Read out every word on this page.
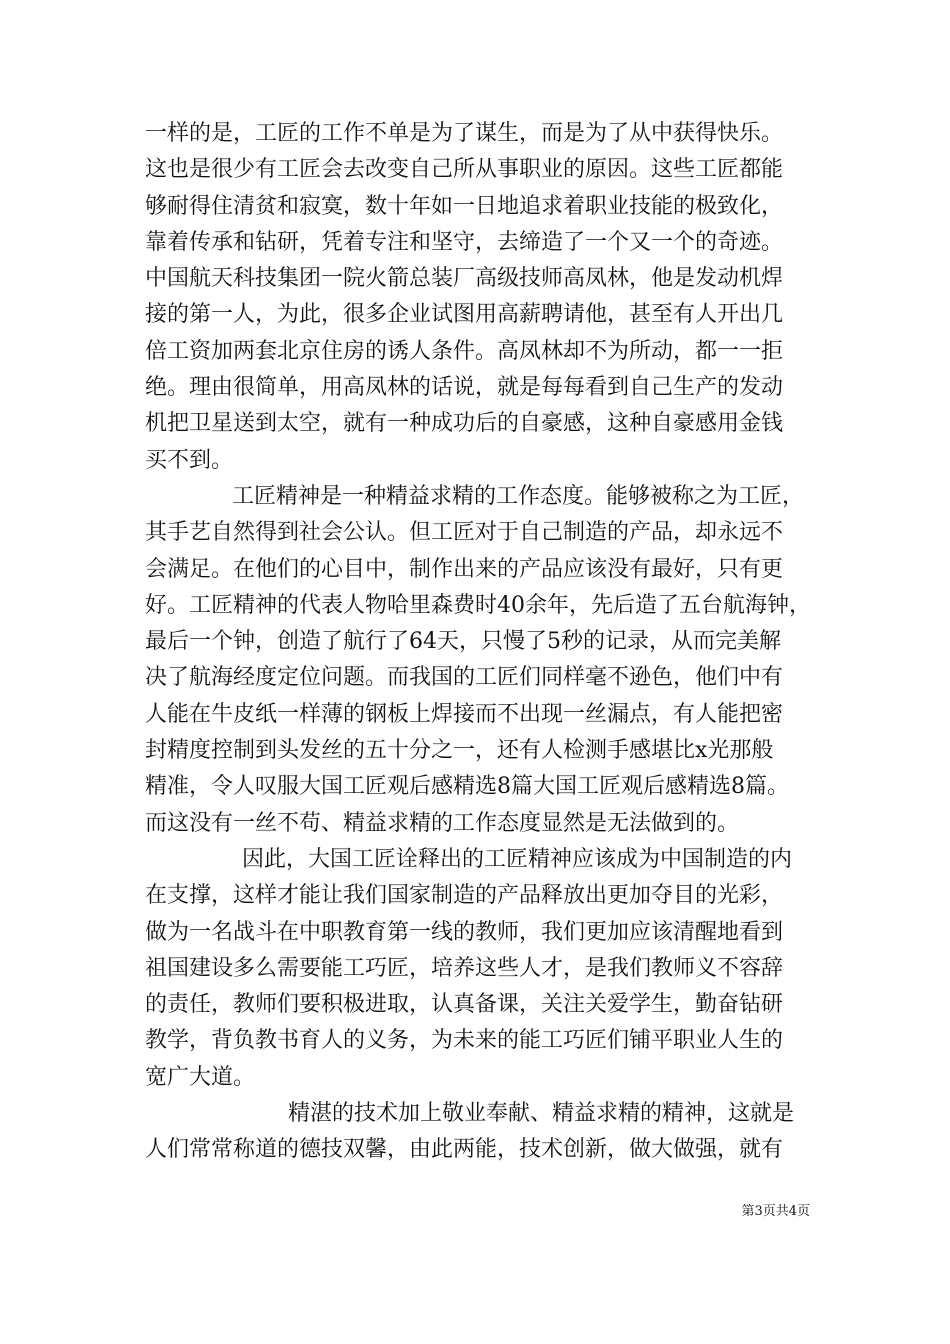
一样的是，工匠的工作不单是为了谋生，而是为了从中获得快乐。
这也是很少有工匠会去改变自己所从事职业的原因。这些工匠都能
够耐得住清贫和寂寞，数十年如一日地追求着职业技能的极致化，
靠着传承和钻研，凭着专注和坚守，去缔造了一个又一个的奇迹。
中国航天科技集团一院火箭总装厂高级技师高凤林，他是发动机焊
接的第一人，为此，很多企业试图用高薪聘请他，甚至有人开出几
倍工资加两套北京住房的诱人条件。高凤林却不为所动，都一一拒
绝。理由很简单，用高凤林的话说，就是每每看到自己生产的发动
机把卫星送到太空，就有一种成功后的自豪感，这种自豪感用金钱
买不到。
工匠精神是一种精益求精的工作态度。能够被称之为工匠，
其手艺自然得到社会公认。但工匠对于自己制造的产品，却永远不
会满足。在他们的心目中，制作出来的产品应该没有最好，只有更
好。工匠精神的代表人物哈里森费时40余年，先后造了五台航海钟，
最后一个钟，创造了航行了64天，只慢了5秒的记录，从而完美解
决了航海经度定位问题。而我国的工匠们同样毫不逊色，他们中有
人能在牛皮纸一样薄的钢板上焊接而不出现一丝漏点，有人能把密
封精度控制到头发丝的五十分之一，还有人检测手感堪比x光那般
精准，令人叹服大国工匠观后感精选8篇大国工匠观后感精选8篇。
而这没有一丝不苟、精益求精的工作态度显然是无法做到的。
因此，大国工匠诠释出的工匠精神应该成为中国制造的内
在支撑，这样才能让我们国家制造的产品释放出更加夺目的光彩，
做为一名战斗在中职教育第一线的教师，我们更加应该清醒地看到
祖国建设多么需要能工巧匠，培养这些人才，是我们教师义不容辞
的责任，教师们要积极进取，认真备课，关注关爱学生，勤奋钻研
教学，背负教书育人的义务，为未来的能工巧匠们铺平职业人生的
宽广大道。
精湛的技术加上敬业奉献、精益求精的精神，这就是
人们常常称道的德技双馨，由此两能，技术创新，做大做强，就有
第3页共4页
